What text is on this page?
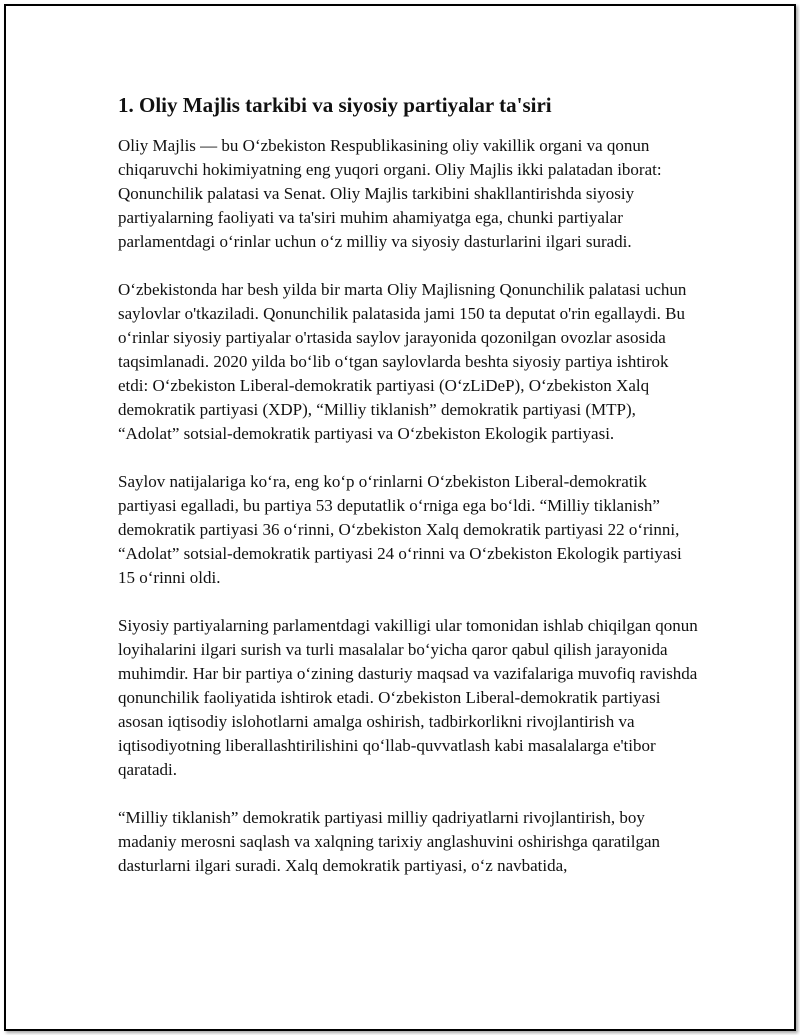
1. Oliy Majlis tarkibi va siyosiy partiyalar ta'siri

Oliy Majlis — bu O‘zbekiston Respublikasining oliy vakillik organi va qonun chiqaruvchi hokimiyatning eng yuqori organi. Oliy Majlis ikki palatadan iborat: Qonunchilik palatasi va Senat. Oliy Majlis tarkibini shakllantirishda siyosiy partiyalarning faoliyati va ta'siri muhim ahamiyatga ega, chunki partiyalar parlamentdagi o‘rinlar uchun o‘z milliy va siyosiy dasturlarini ilgari suradi.

O‘zbekistonda har besh yilda bir marta Oliy Majlisning Qonunchilik palatasi uchun saylovlar o'tkaziladi. Qonunchilik palatasida jami 150 ta deputat o'rin egallaydi. Bu o‘rinlar siyosiy partiyalar o'rtasida saylov jarayonida qozonilgan ovozlar asosida taqsimlanadi. 2020 yilda bo‘lib o‘tgan saylovlarda beshta siyosiy partiya ishtirok etdi: O‘zbekiston Liberal-demokratik partiyasi (O‘zLiDeP), O‘zbekiston Xalq demokratik partiyasi (XDP), “Milliy tiklanish” demokratik partiyasi (MTP), “Adolat” sotsial-demokratik partiyasi va O‘zbekiston Ekologik partiyasi.

Saylov natijalariga ko‘ra, eng ko‘p o‘rinlarni O‘zbekiston Liberal-demokratik partiyasi egalladi, bu partiya 53 deputatlik o‘rniga ega bo‘ldi. “Milliy tiklanish” demokratik partiyasi 36 o‘rinni, O‘zbekiston Xalq demokratik partiyasi 22 o‘rinni, “Adolat” sotsial-demokratik partiyasi 24 o‘rinni va O‘zbekiston Ekologik partiyasi 15 o‘rinni oldi.

Siyosiy partiyalarning parlamentdagi vakilligi ular tomonidan ishlab chiqilgan qonun loyihalarini ilgari surish va turli masalalar bo‘yicha qaror qabul qilish jarayonida muhimdir. Har bir partiya o‘zining dasturiy maqsad va vazifalariga muvofiq ravishda qonunchilik faoliyatida ishtirok etadi. O‘zbekiston Liberal-demokratik partiyasi asosan iqtisodiy islohotlarni amalga oshirish, tadbirkorlikni rivojlantirish va iqtisodiyotning liberallashtirilishini qo‘llab-quvvatlash kabi masalalarga e'tibor qaratadi.

“Milliy tiklanish” demokratik partiyasi milliy qadriyatlarni rivojlantirish, boy madaniy merosni saqlash va xalqning tarixiy anglashuvini oshirishga qaratilgan dasturlarni ilgari suradi. Xalq demokratik partiyasi, o‘z navbatida,
